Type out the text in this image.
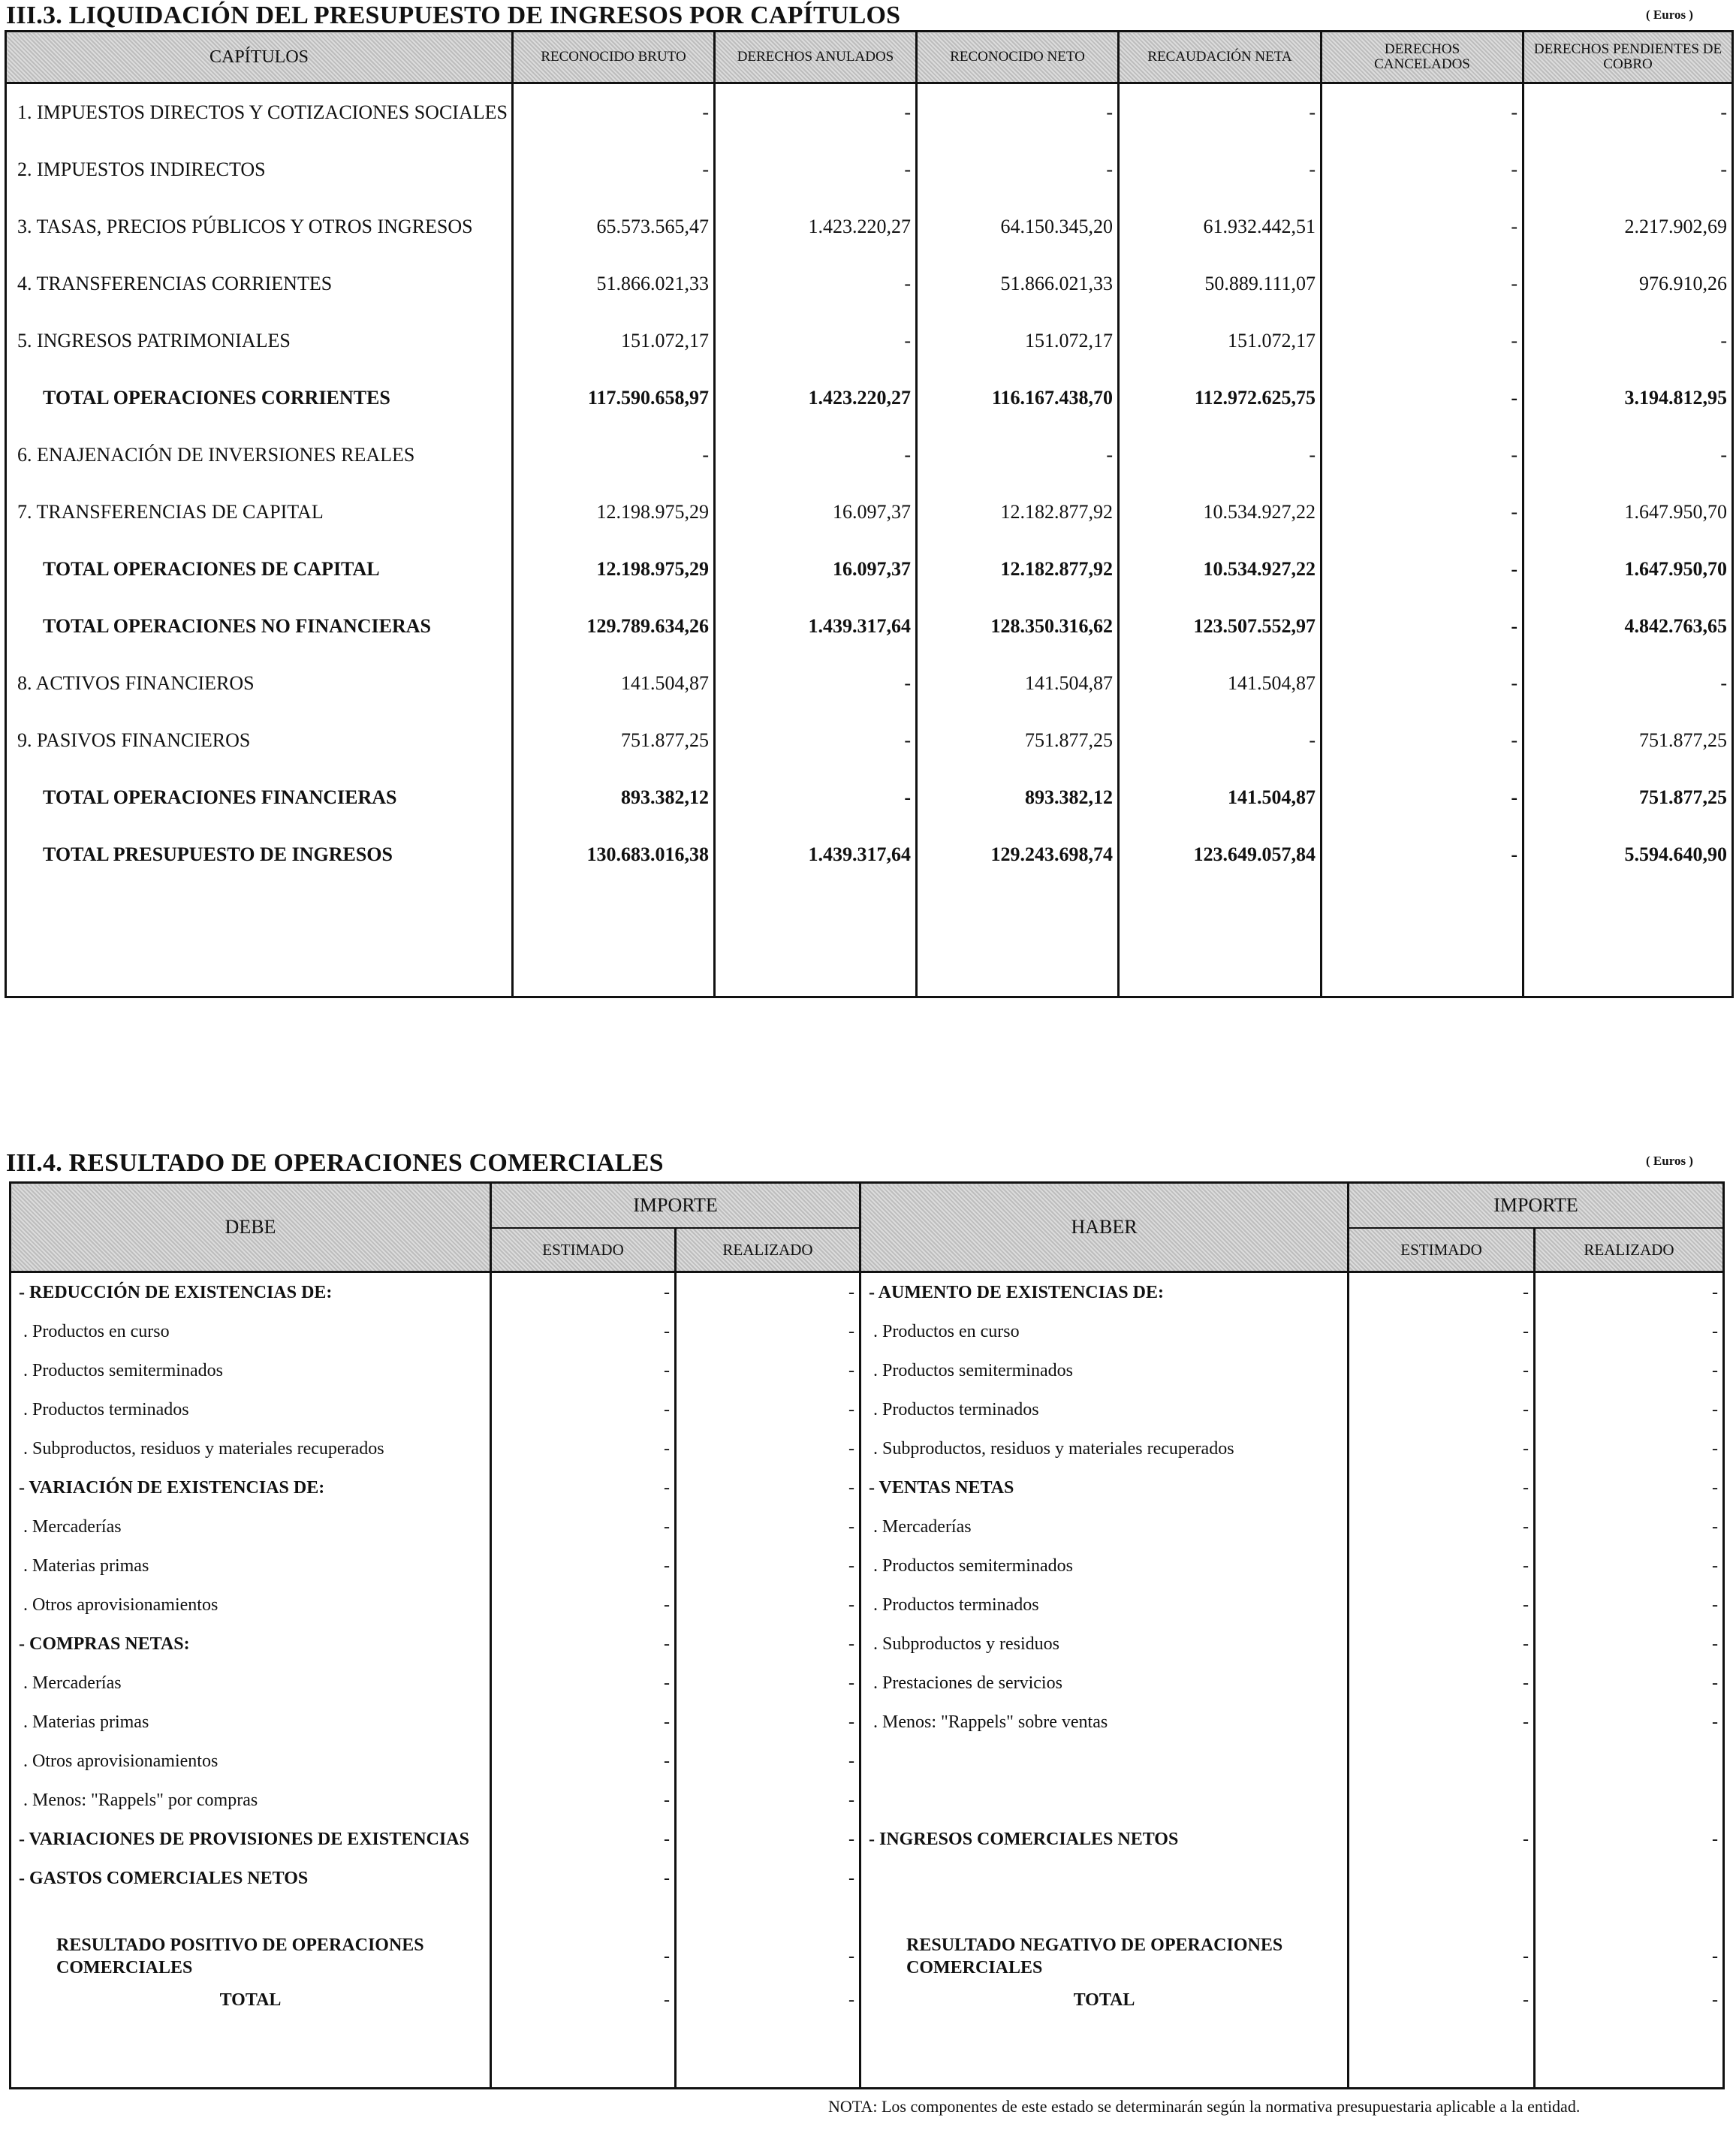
III.3. LIQUIDACIÓN DEL PRESUPUESTO DE INGRESOS POR CAPÍTULOS	( Euros )
CAPÍTULOS	RECONOCIDO BRUTO	DERECHOS ANULADOS	RECONOCIDO NETO	RECAUDACIÓN NETA	DERECHOS CANCELADOS	DERECHOS PENDIENTES DE COBRO
1. IMPUESTOS DIRECTOS Y COTIZACIONES SOCIALES	-	-	-	-	-	-
2. IMPUESTOS INDIRECTOS	-	-	-	-	-	-
3. TASAS, PRECIOS PÚBLICOS Y OTROS INGRESOS	65.573.565,47	1.423.220,27	64.150.345,20	61.932.442,51	-	2.217.902,69
4. TRANSFERENCIAS CORRIENTES	51.866.021,33	-	51.866.021,33	50.889.111,07	-	976.910,26
5. INGRESOS PATRIMONIALES	151.072,17	-	151.072,17	151.072,17	-	-
TOTAL OPERACIONES CORRIENTES	117.590.658,97	1.423.220,27	116.167.438,70	112.972.625,75	-	3.194.812,95
6. ENAJENACIÓN DE INVERSIONES REALES	-	-	-	-	-	-
7. TRANSFERENCIAS DE CAPITAL	12.198.975,29	16.097,37	12.182.877,92	10.534.927,22	-	1.647.950,70
TOTAL OPERACIONES DE CAPITAL	12.198.975,29	16.097,37	12.182.877,92	10.534.927,22	-	1.647.950,70
TOTAL OPERACIONES NO FINANCIERAS	129.789.634,26	1.439.317,64	128.350.316,62	123.507.552,97	-	4.842.763,65
8. ACTIVOS FINANCIEROS	141.504,87	-	141.504,87	141.504,87	-	-
9. PASIVOS FINANCIEROS	751.877,25	-	751.877,25	-	-	751.877,25
TOTAL OPERACIONES FINANCIERAS	893.382,12	-	893.382,12	141.504,87	-	751.877,25
TOTAL PRESUPUESTO DE INGRESOS	130.683.016,38	1.439.317,64	129.243.698,74	123.649.057,84	-	5.594.640,90

III.4. RESULTADO DE OPERACIONES COMERCIALES	( Euros )
DEBE	IMPORTE		HABER	IMPORTE	
	ESTIMADO	REALIZADO		ESTIMADO	REALIZADO
- REDUCCIÓN DE EXISTENCIAS DE:	-	-	- AUMENTO DE EXISTENCIAS DE:	-	-
. Productos en curso	-	-	. Productos en curso	-	-
. Productos semiterminados	-	-	. Productos semiterminados	-	-
. Productos terminados	-	-	. Productos terminados	-	-
. Subproductos, residuos y materiales recuperados	-	-	. Subproductos, residuos y materiales recuperados	-	-
- VARIACIÓN DE EXISTENCIAS DE:	-	-	- VENTAS NETAS	-	-
. Mercaderías	-	-	. Mercaderías	-	-
. Materias primas	-	-	. Productos semiterminados	-	-
. Otros aprovisionamientos	-	-	. Productos terminados	-	-
- COMPRAS NETAS:	-	-	. Subproductos y residuos	-	-
. Mercaderías	-	-	. Prestaciones de servicios	-	-
. Materias primas	-	-	. Menos: "Rappels" sobre ventas	-	-
. Otros aprovisionamientos	-	-			
. Menos: "Rappels" por compras	-	-			
- VARIACIONES DE PROVISIONES DE EXISTENCIAS	-	-	- INGRESOS COMERCIALES NETOS	-	-
- GASTOS COMERCIALES NETOS	-	-			

RESULTADO POSITIVO DE OPERACIONES COMERCIALES	-	-	RESULTADO NEGATIVO DE OPERACIONES COMERCIALES	-	-
TOTAL	-	-	TOTAL	-	-

NOTA: Los componentes de este estado se determinarán según la normativa presupuestaria aplicable a la entidad.
